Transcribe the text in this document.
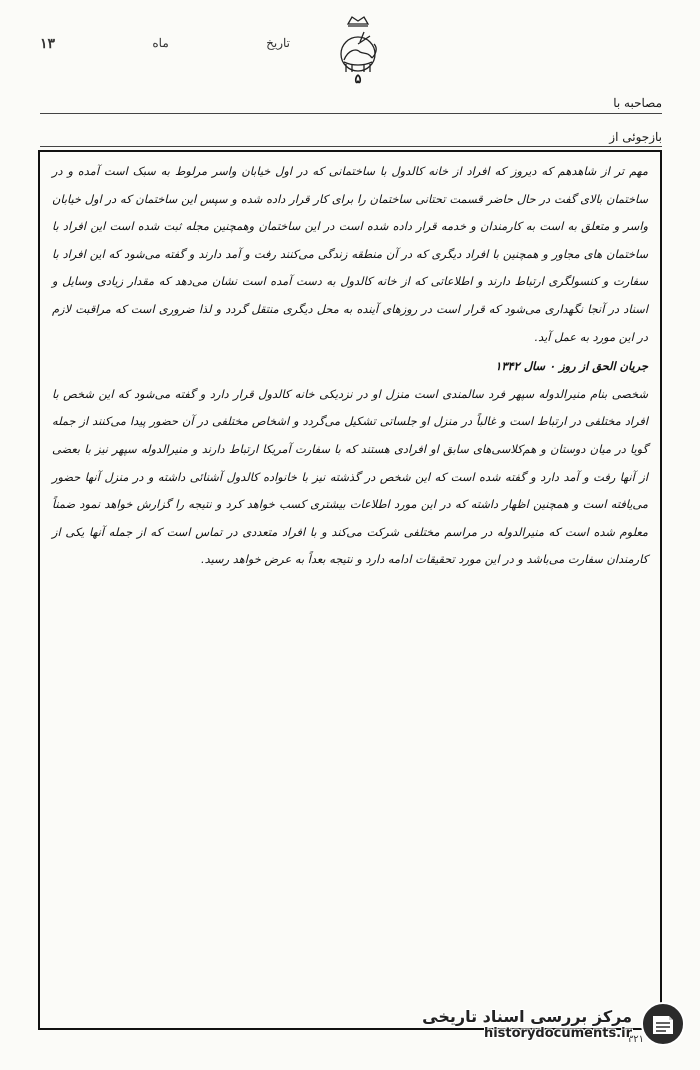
تاریخ
ماه
۱۳
۵
مصاحبه با
بازجوئی از

مهم تر از شاهدهم که دیروز که افراد از خانه کالدول با ساختمانی که در اول خیابان واسر مرلوط به سبک است آمده و در ساختمان بالای گفت در حال حاضر قسمت تحتانی ساختمان را برای کار قرار داده شده و سپس این ساختمان که در اول خیابان واسر و متعلق به است به کارمندان و خدمه قرار داده شده است در این ساختمان وهمچنین مجله ثبت شده است این افراد با ساختمان های مجاور و همچنین با افراد دیگری که در آن منطقه زندگی می‌کنند رفت و آمد دارند و گفته می‌شود که این افراد با سفارت و کنسولگری ارتباط دارند و اطلاعاتی که از خانه کالدول به دست آمده است نشان می‌دهد که مقدار زیادی وسایل و اسناد در آنجا نگهداری می‌شود که قرار است در روزهای آینده به محل دیگری منتقل گردد و لذا ضروری است که مراقبت لازم در این مورد به عمل آید.

جریان الحق از روز ۰ سال ۱۳۴۲

شخصی بنام منیرالدوله سپهر فرد سالمندی است منزل او در نزدیکی خانه کالدول قرار دارد و گفته می‌شود که این شخص با افراد مختلفی در ارتباط است و غالباً در منزل او جلساتی تشکیل می‌گردد و اشخاص مختلفی در آن حضور پیدا می‌کنند از جمله گویا در میان دوستان و هم‌کلاسی‌های سابق او افرادی هستند که با سفارت آمریکا ارتباط دارند و منیرالدوله سپهر نیز با بعضی از آنها رفت و آمد دارد و گفته شده است که این شخص در گذشته نیز با خانواده کالدول آشنائی داشته و در منزل آنها حضور می‌یافته است و همچنین اظهار داشته که در این مورد اطلاعات بیشتری کسب خواهد کرد و نتیجه را گزارش خواهد نمود ضمناً معلوم شده است که منیرالدوله در مراسم مختلفی شرکت می‌کند و با افراد متعددی در تماس است که از جمله آنها یکی از کارمندان سفارت می‌باشد و در این مورد تحقیقات ادامه دارد و نتیجه بعداً به عرض خواهد رسید.

۳۲۱
مرکز بررسی اسناد تاریخی
historydocuments.ir
